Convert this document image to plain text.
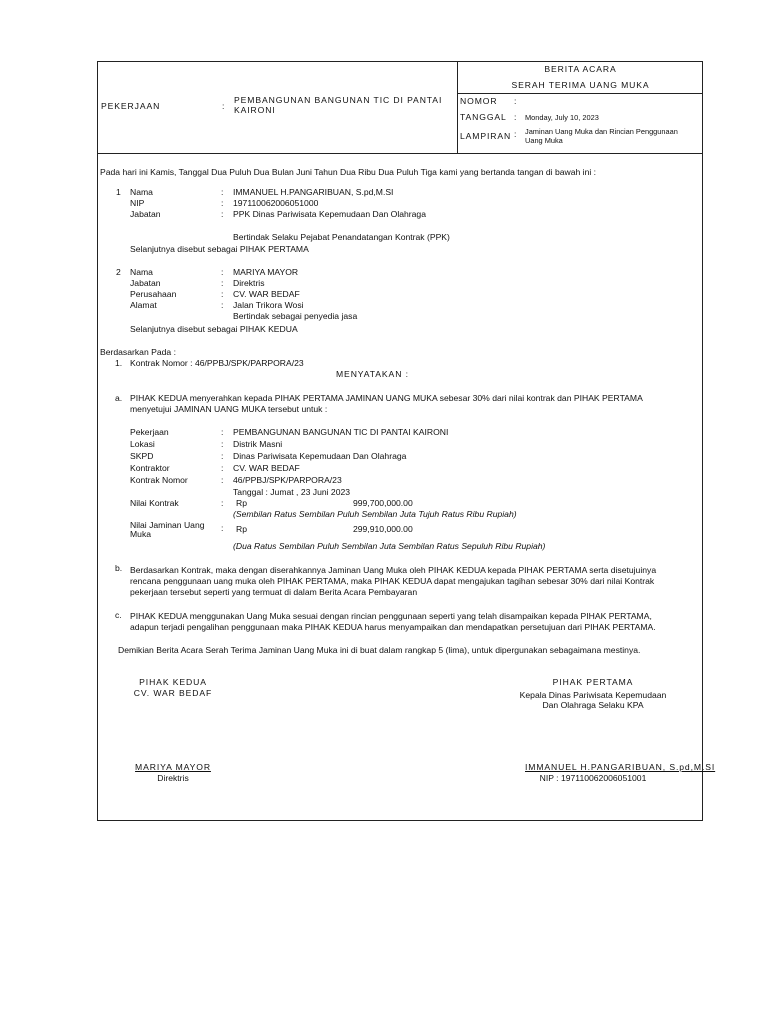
PEKERJAAN	:
PEMBANGUNAN BANGUNAN TIC DI PANTAI
KAIRONI
BERITA ACARA
SERAH TERIMA UANG MUKA
NOMOR :
TANGGAL : Monday, July 10, 2023
LAMPIRAN : Jaminan Uang Muka dan Rincian Penggunaan
Uang Muka
Pada hari ini Kamis, Tanggal Dua Puluh Dua Bulan Juni Tahun Dua Ribu Dua Puluh Tiga kami yang bertanda tangan di bawah ini :
1 Nama	: IMMANUEL H.PANGARIBUAN, S.pd,M.SI
NIP	: 197110062006051000
Jabatan	: PPK Dinas Pariwisata Kepemudaan Dan Olahraga
Bertindak Selaku Pejabat Penandatangan Kontrak (PPK)
Selanjutnya disebut sebagai PIHAK PERTAMA
2 Nama	: MARIYA MAYOR
Jabatan	: Direktris
Perusahaan	: CV. WAR BEDAF
Alamat	: Jalan Trikora Wosi
Bertindak sebagai penyedia jasa
Selanjutnya disebut sebagai PIHAK KEDUA
Berdasarkan Pada :
1. Kontrak Nomor : 46/PPBJ/SPK/PARPORA/23
MENYATAKAN :
a. PIHAK KEDUA menyerahkan kepada PIHAK PERTAMA JAMINAN UANG MUKA sebesar 30% dari nilai kontrak dan PIHAK PERTAMA
menyetujui JAMINAN UANG MUKA tersebut untuk :
Pekerjaan	: PEMBANGUNAN BANGUNAN TIC DI PANTAI KAIRONI
Lokasi	: Distrik Masni
SKPD	: Dinas Pariwisata Kepemudaan Dan Olahraga
Kontraktor	: CV. WAR BEDAF
Kontrak Nomor	: 46/PPBJ/SPK/PARPORA/23
Tanggal : Jumat , 23 Juni 2023
Nilai Kontrak	: Rp	999,700,000.00
(Sembilan Ratus Sembilan Puluh Sembilan Juta Tujuh Ratus Ribu Rupiah)
Nilai Jaminan Uang
Muka
: Rp	299,910,000.00
(Dua Ratus Sembilan Puluh Sembilan Juta Sembilan Ratus Sepuluh Ribu Rupiah)
b. Berdasarkan Kontrak, maka dengan diserahkannya Jaminan Uang Muka oleh PIHAK KEDUA kepada PIHAK PERTAMA serta disetujuinya
rencana penggunaan uang muka oleh PIHAK PERTAMA, maka PIHAK KEDUA dapat mengajukan tagihan sebesar 30% dari nilai Kontrak
pekerjaan tersebut seperti yang termuat di dalam Berita Acara Pembayaran
c. PIHAK KEDUA menggunakan Uang Muka sesuai dengan rincian penggunaan seperti yang telah disampaikan kepada PIHAK PERTAMA,
adapun terjadi pengalihan penggunaan maka PIHAK KEDUA harus menyampaikan dan mendapatkan persetujuan dari PIHAK PERTAMA.
Demikian Berita Acara Serah Terima Jaminan Uang Muka ini di buat dalam rangkap 5 (lima), untuk dipergunakan sebagaimana mestinya.
PIHAK KEDUA
CV. WAR BEDAF
MARIYA MAYOR
Direktris
PIHAK PERTAMA
Kepala Dinas Pariwisata Kepemudaan
Dan Olahraga Selaku KPA
IMMANUEL H.PANGARIBUAN, S.pd,M.SI
NIP : 197110062006051001
